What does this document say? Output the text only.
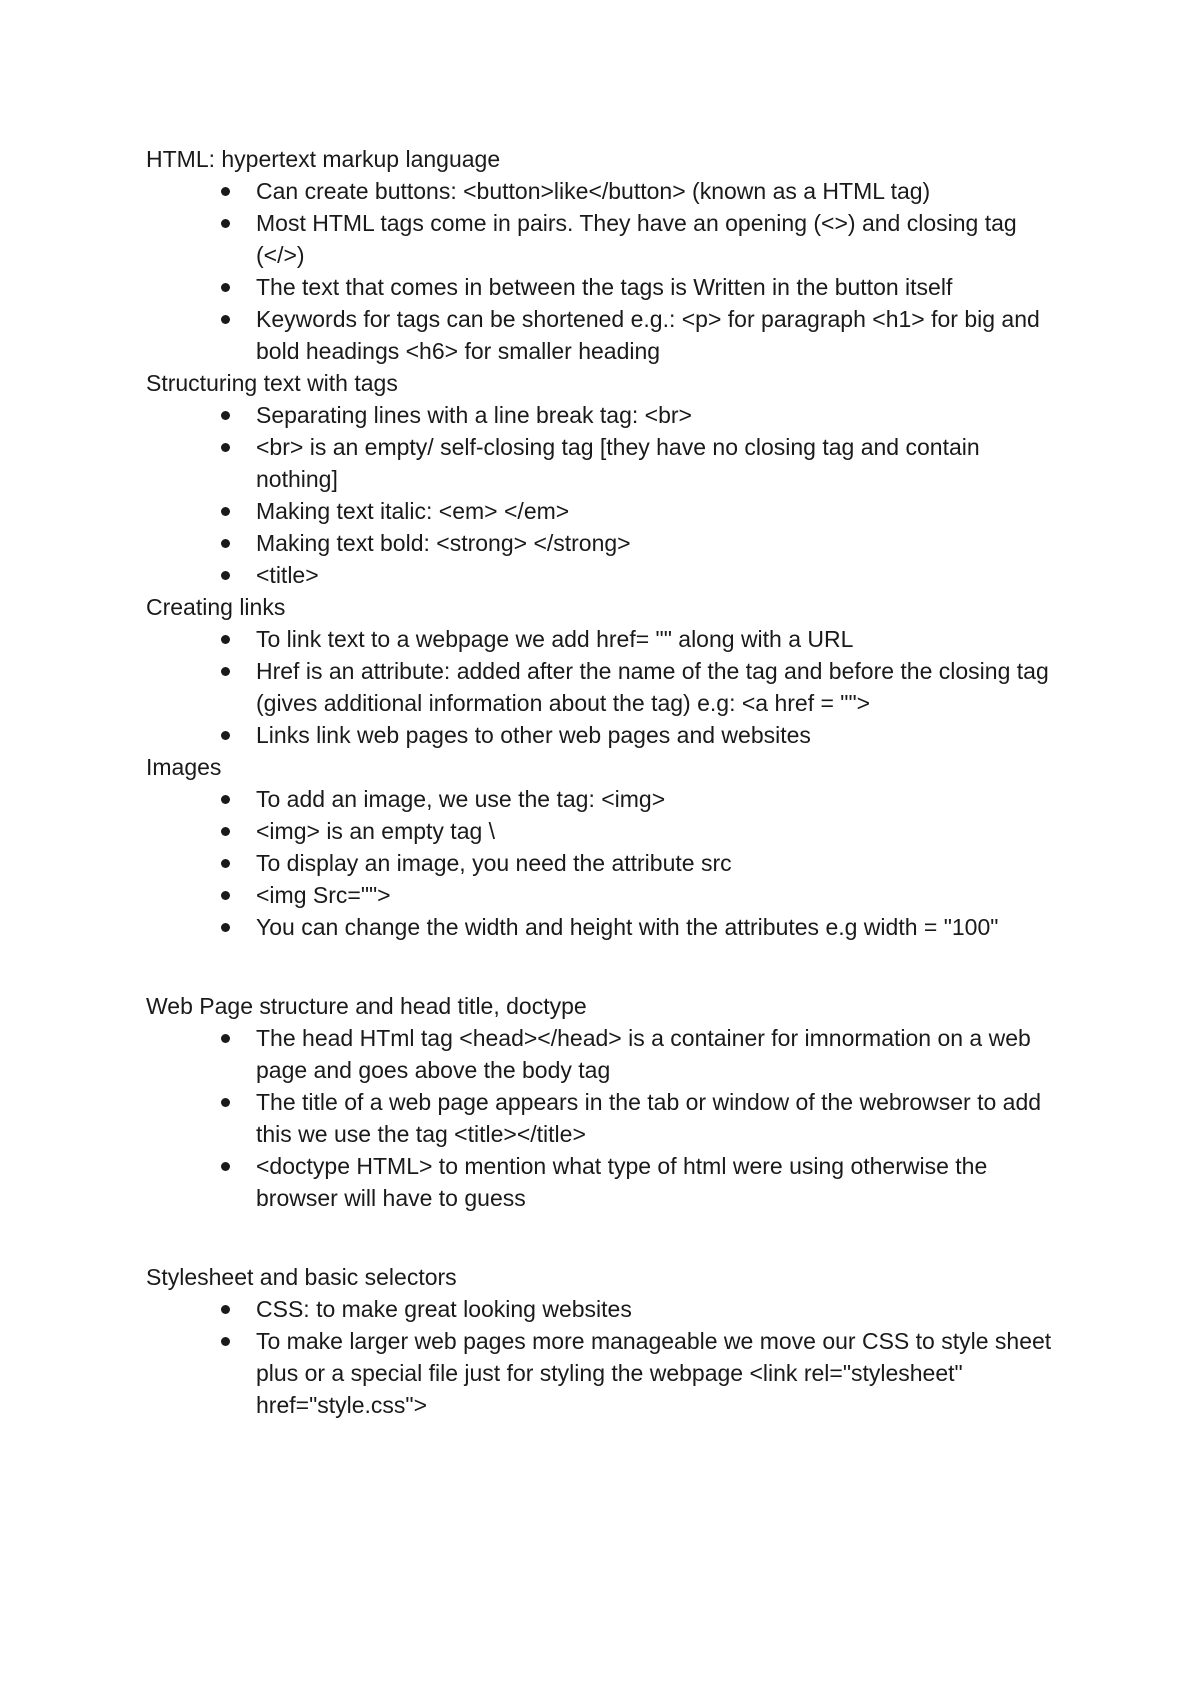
HTML: hypertext markup language

Can create buttons: <button>like</button> (known as a HTML tag)
Most HTML tags come in pairs. They have an opening (<>) and closing tag (</>)
The text that comes in between the tags is Written in the button itself
Keywords for tags can be shortened e.g.: <p> for paragraph <h1> for big and bold headings <h6> for smaller heading

Structuring text with tags

Separating lines with a line break tag: <br>
<br> is an empty/ self-closing tag [they have no closing tag and contain nothing]
Making text italic: <em> </em>
Making text bold: <strong> </strong>
<title>

Creating links

To link text to a webpage we add href= "" along with a URL
Href is an attribute: added after the name of the tag and before the closing tag (gives additional information about the tag) e.g: <a href = "">
Links link web pages to other web pages and websites

Images

To add an image, we use the tag: <img>
<img> is an empty tag \
To display an image, you need the attribute src
<img Src="">
You can change the width and height with the attributes e.g width = "100"

Web Page structure and head title, doctype

The head HTml tag <head></head> is a container for imnormation on a web page and goes above the body tag
The title of a web page appears in the tab or window of the webrowser to add this we use the tag <title></title>
<doctype HTML> to mention what type of html were using otherwise the browser will have to guess

Stylesheet and basic selectors

CSS: to make great looking websites
To make larger web pages more manageable we move our CSS to style sheet plus or a special file just for styling the webpage <link rel="stylesheet" href="style.css">
